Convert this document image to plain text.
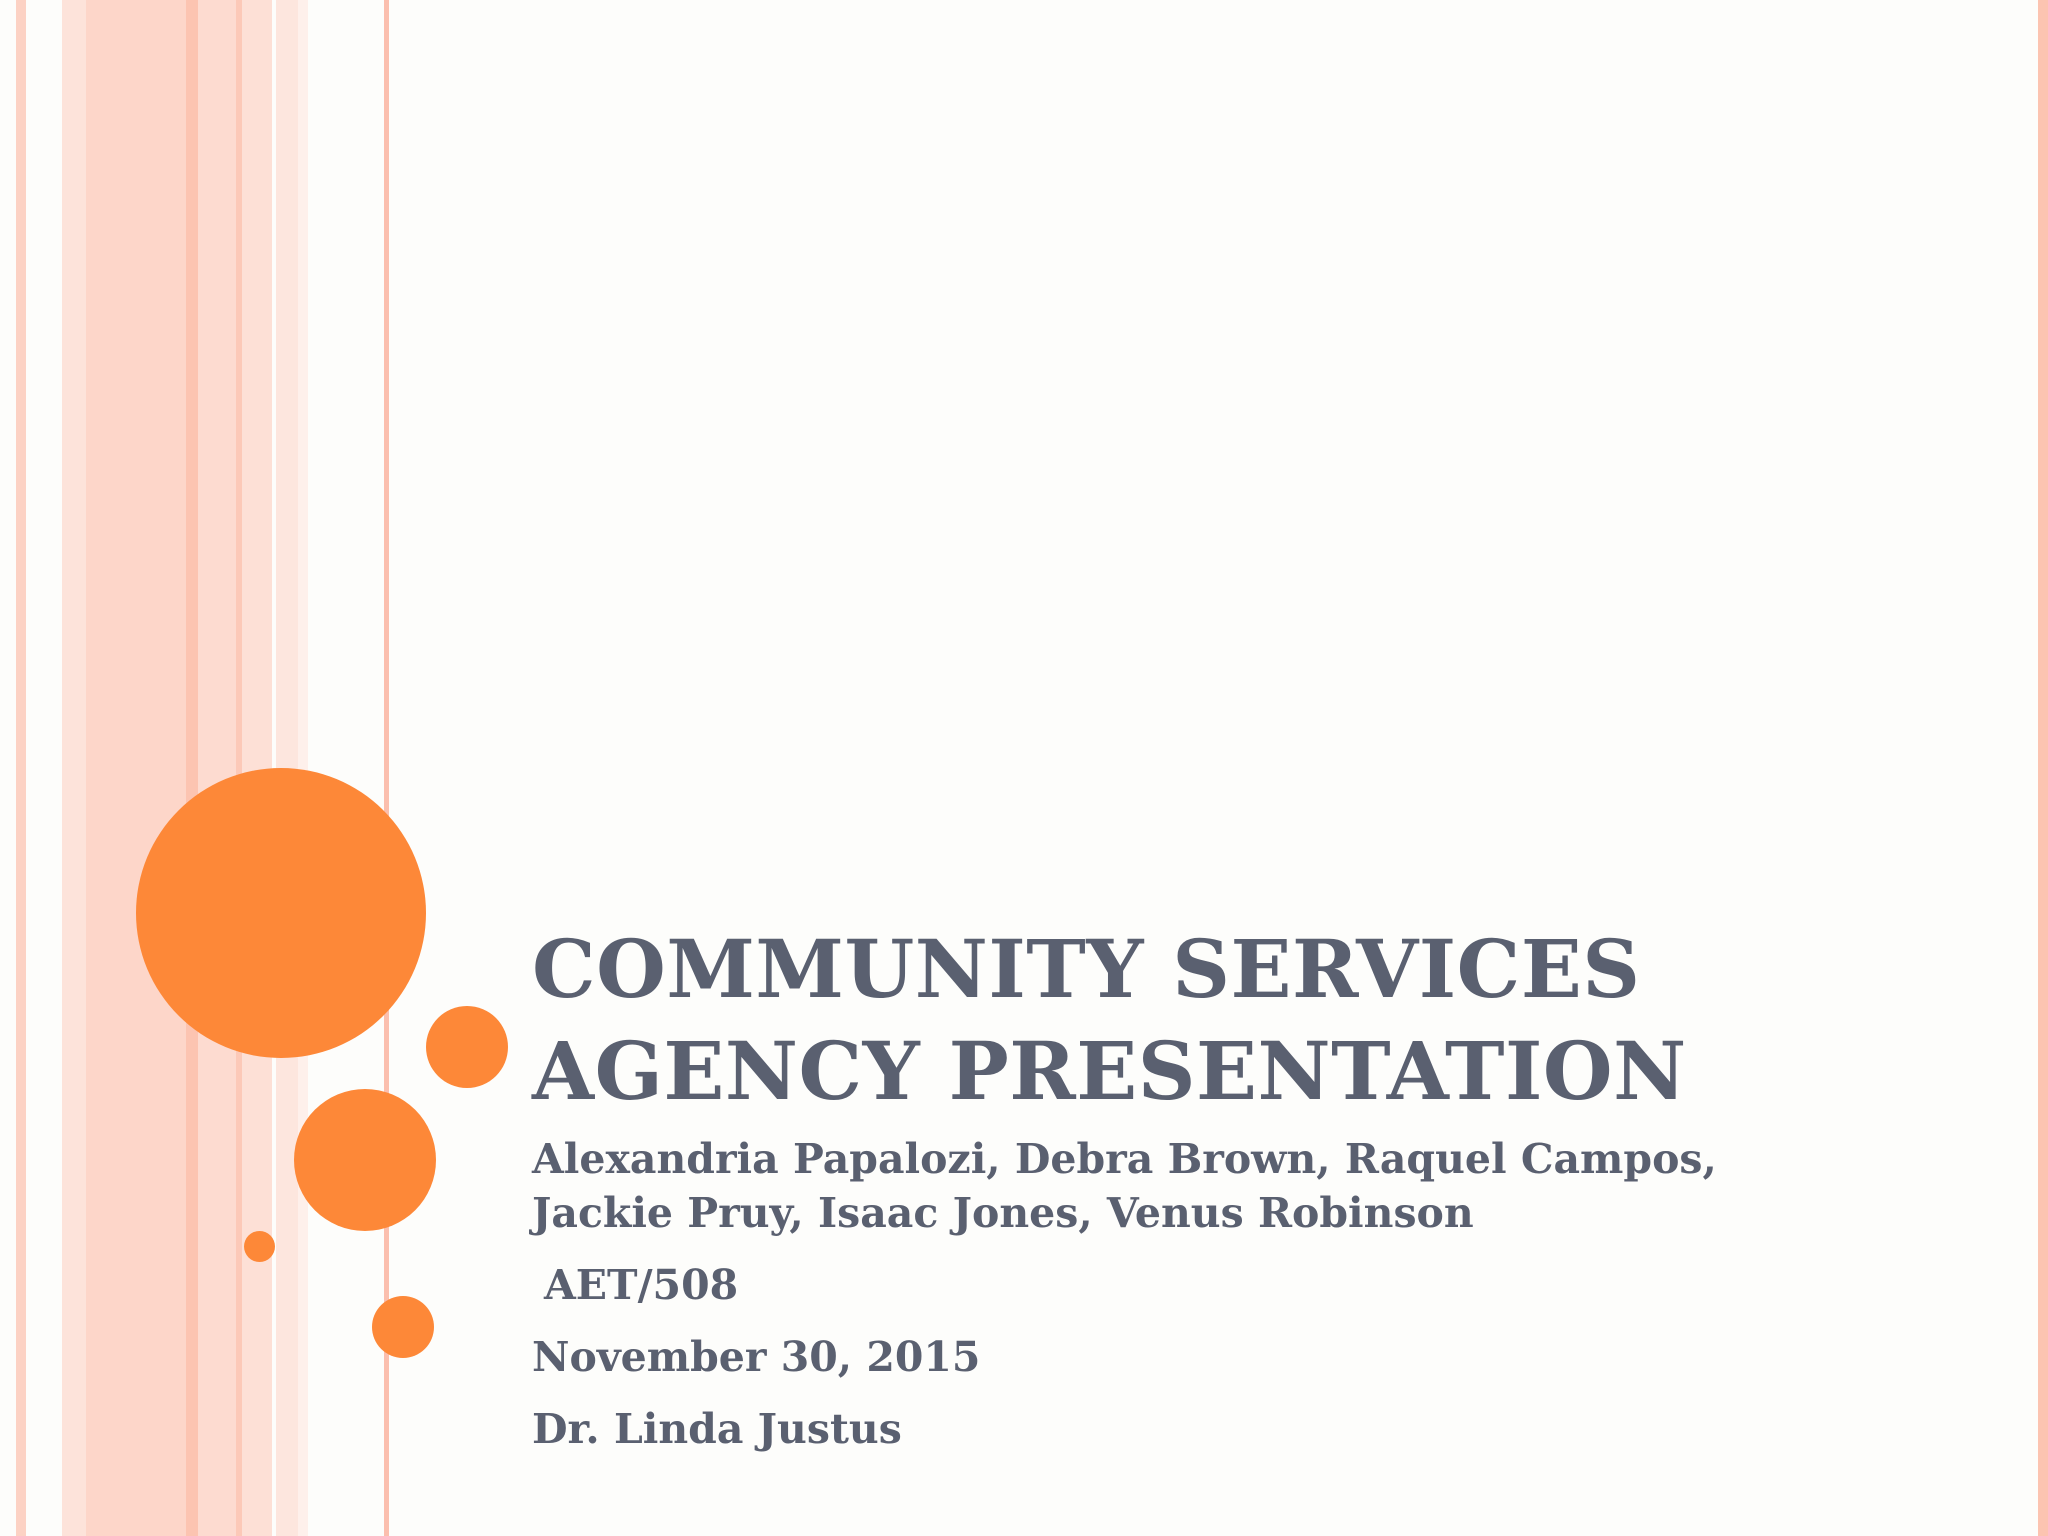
COMMUNITY SERVICES
AGENCY PRESENTATION
Alexandria Papalozi, Debra Brown, Raquel Campos,
Jackie Pruy, Isaac Jones, Venus Robinson
AET/508
November 30, 2015
Dr. Linda Justus
